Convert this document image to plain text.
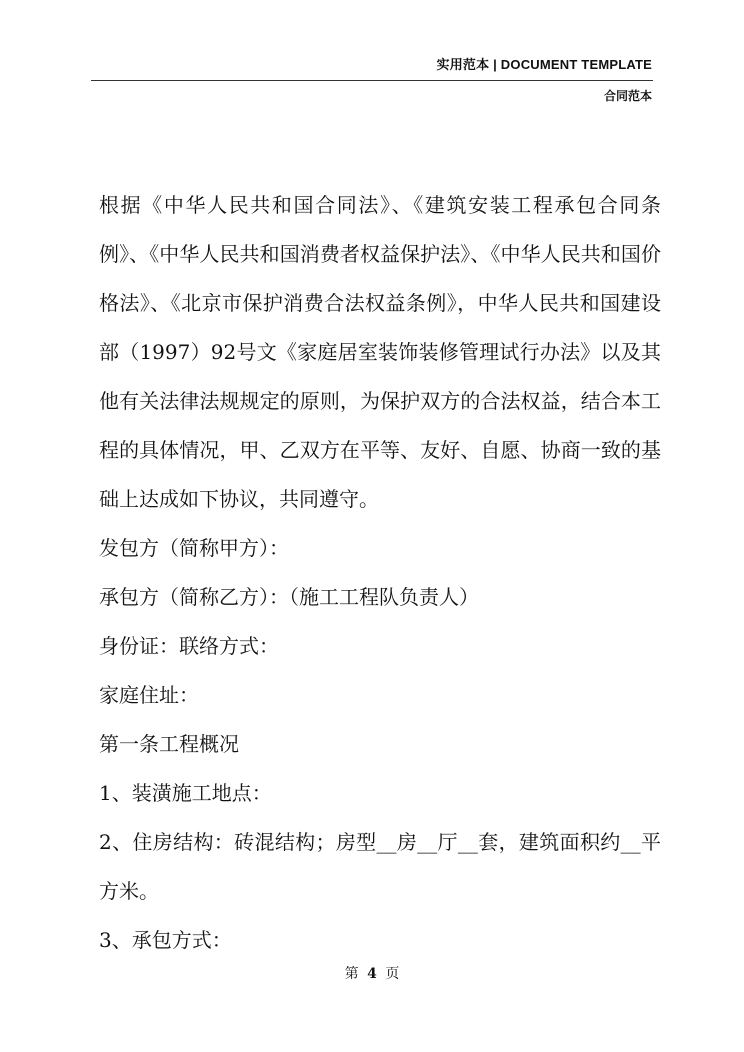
实用范本 | DOCUMENT TEMPLATE
合同范本

根据《中华人民共和国合同法》、《建筑安装工程承包合同条例》、《中华人民共和国消费者权益保护法》、《中华人民共和国价格法》、《北京市保护消费合法权益条例》，中华人民共和国建设部（1997）92号文《家庭居室装饰装修管理试行办法》以及其他有关法律法规规定的原则，为保护双方的合法权益，结合本工程的具体情况，甲、乙双方在平等、友好、自愿、协商一致的基础上达成如下协议，共同遵守。

发包方（简称甲方）：

承包方（简称乙方）：（施工工程队负责人）

身份证：联络方式：

家庭住址：

第一条工程概况

1、装潢施工地点：

2、住房结构：砖混结构；房型__房__厅__套，建筑面积约__平方米。

3、承包方式：

第 4 页
